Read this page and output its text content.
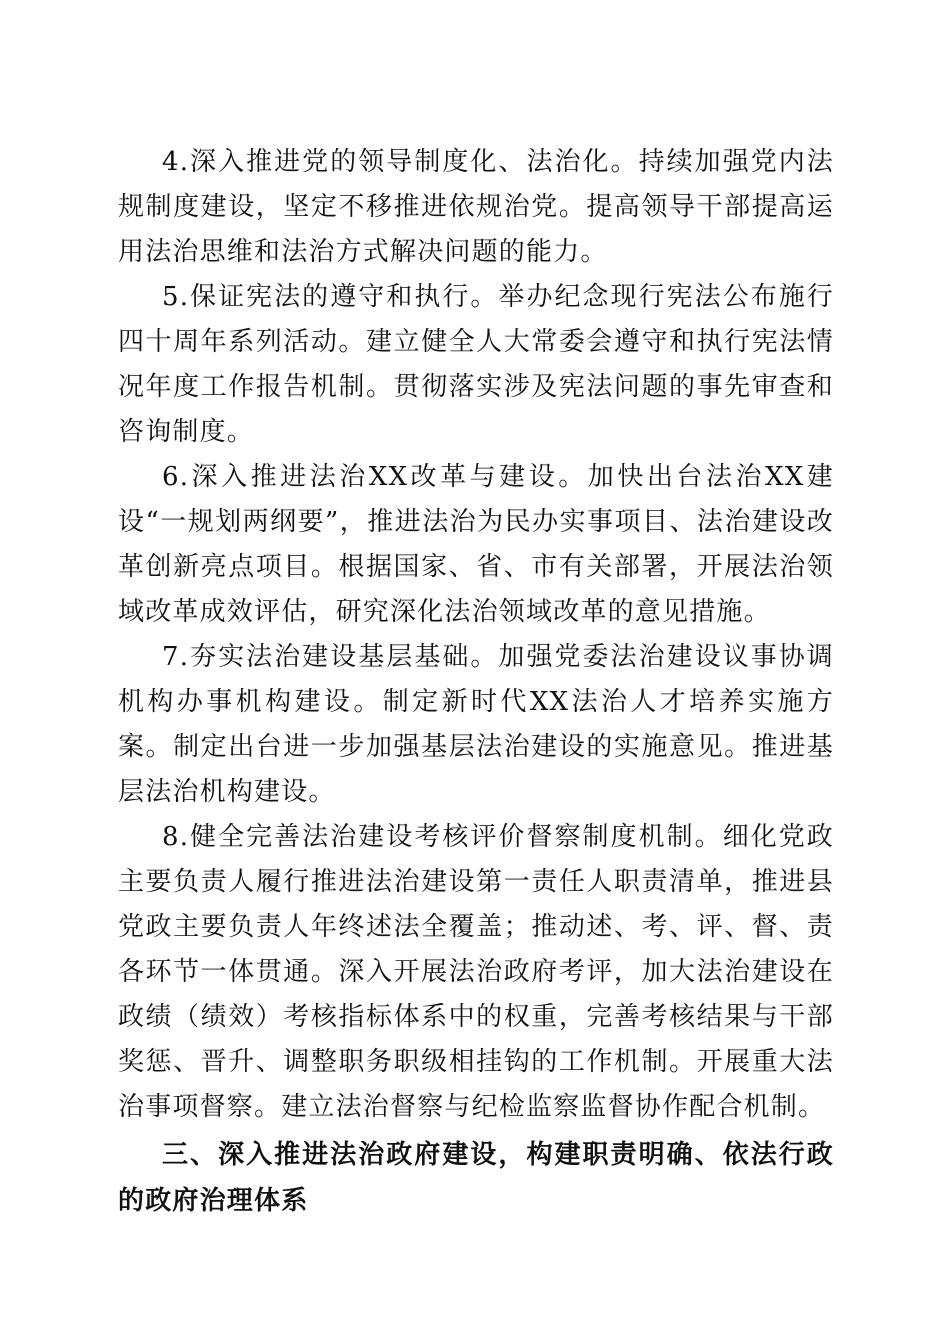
4.深入推进党的领导制度化、法治化。持续加强党内法规制度建设，坚定不移推进依规治党。提高领导干部提高运用法治思维和法治方式解决问题的能力。

5.保证宪法的遵守和执行。举办纪念现行宪法公布施行四十周年系列活动。建立健全人大常委会遵守和执行宪法情况年度工作报告机制。贯彻落实涉及宪法问题的事先审查和咨询制度。

6.深入推进法治XX改革与建设。加快出台法治XX建设“一规划两纲要”，推进法治为民办实事项目、法治建设改革创新亮点项目。根据国家、省、市有关部署，开展法治领域改革成效评估，研究深化法治领域改革的意见措施。

7.夯实法治建设基层基础。加强党委法治建设议事协调机构办事机构建设。制定新时代XX法治人才培养实施方案。制定出台进一步加强基层法治建设的实施意见。推进基层法治机构建设。

8.健全完善法治建设考核评价督察制度机制。细化党政主要负责人履行推进法治建设第一责任人职责清单，推进县党政主要负责人年终述法全覆盖；推动述、考、评、督、责各环节一体贯通。深入开展法治政府考评，加大法治建设在政绩（绩效）考核指标体系中的权重，完善考核结果与干部奖惩、晋升、调整职务职级相挂钩的工作机制。开展重大法治事项督察。建立法治督察与纪检监察监督协作配合机制。

三、深入推进法治政府建设，构建职责明确、依法行政的政府治理体系
